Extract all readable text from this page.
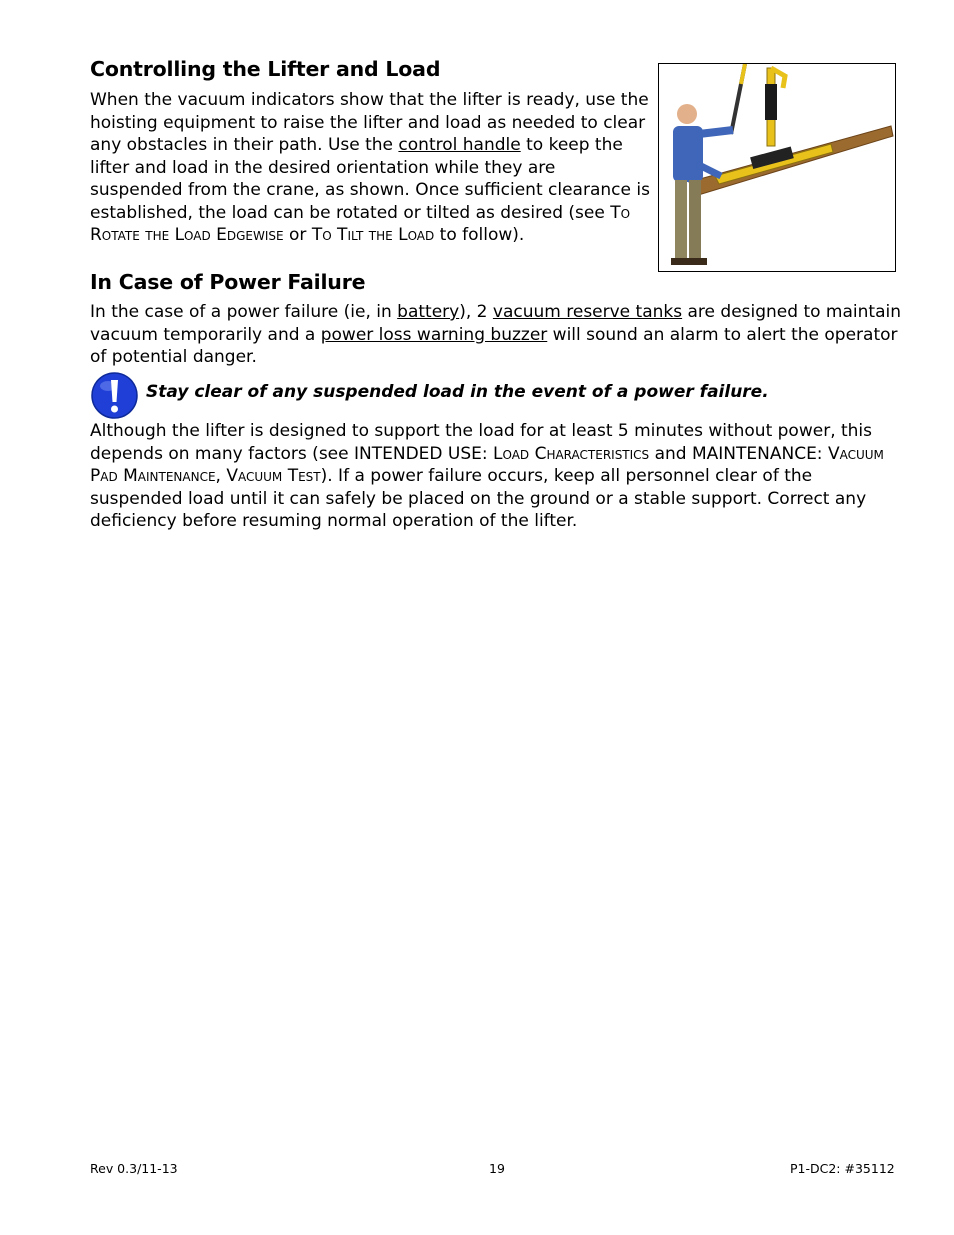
Controlling the Lifter and Load

When the vacuum indicators show that the lifter is ready, use the hoisting equipment to raise the lifter and load as needed to clear any obstacles in their path. Use the control handle to keep the lifter and load in the desired orientation while they are suspended from the crane, as shown. Once sufficient clearance is established, the load can be rotated or tilted as desired (see To Rotate the Load Edgewise or To Tilt the Load to follow).

In Case of Power Failure

In the case of a power failure (ie, in battery), 2 vacuum reserve tanks are designed to maintain vacuum temporarily and a power loss warning buzzer will sound an alarm to alert the operator of potential danger.

Stay clear of any suspended load in the event of a power failure.

Although the lifter is designed to support the load for at least 5 minutes without power, this depends on many factors (see INTENDED USE: Load Characteristics and MAINTENANCE: Vacuum Pad Maintenance, Vacuum Test). If a power failure occurs, keep all personnel clear of the suspended load until it can safely be placed on the ground or a stable support. Correct any deficiency before resuming normal operation of the lifter.

Rev 0.3/11-13	19	P1-DC2: #35112
